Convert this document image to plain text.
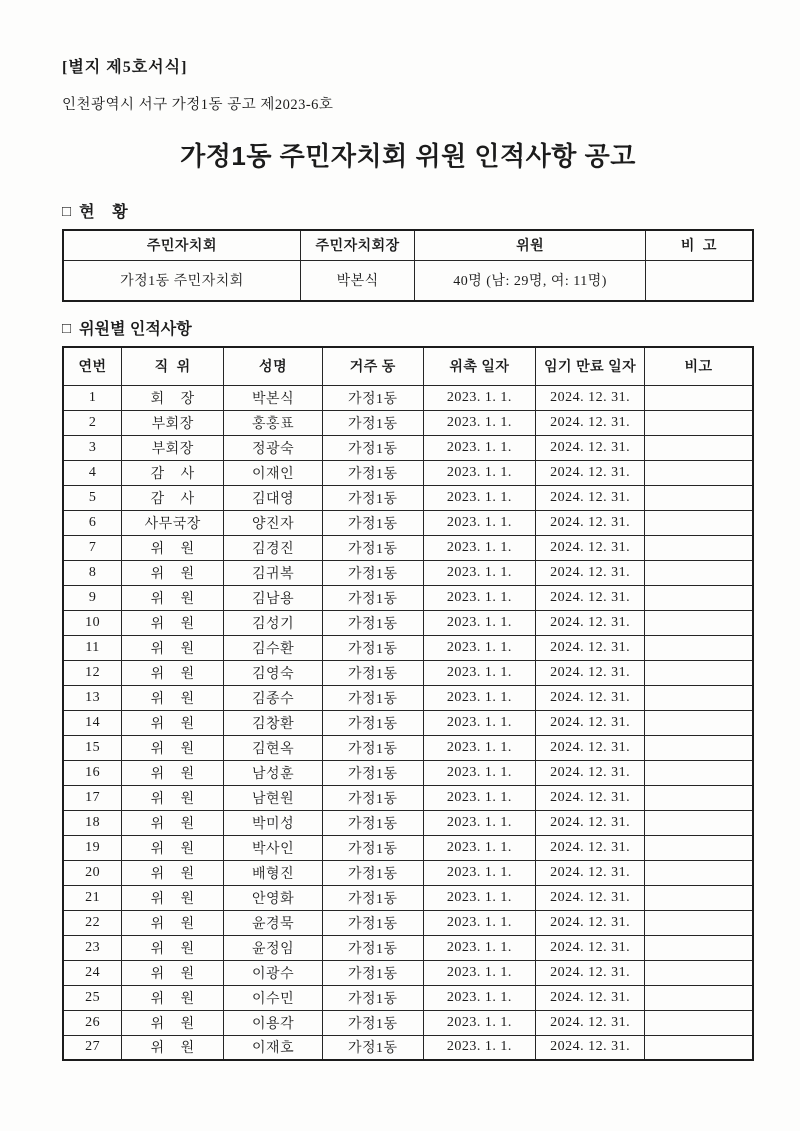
[별지 제5호서식]
인천광역시 서구 가정1동 공고 제2023-6호
가정1동 주민자치회 위원 인적사항 공고
□ 현    황
주민자치회	주민자치회장	위원	비  고
가정1동 주민자치회	박본식	40명 (남: 29명, 여: 11명)	
□ 위원별 인적사항
연번	직  위	성명	거주 동	위촉 일자	임기 만료 일자	비고
1	회    장	박본식	가정1동	2023. 1. 1.	2024. 12. 31.	
2	부회장	홍홍표	가정1동	2023. 1. 1.	2024. 12. 31.	
3	부회장	정광숙	가정1동	2023. 1. 1.	2024. 12. 31.	
4	감    사	이재인	가정1동	2023. 1. 1.	2024. 12. 31.	
5	감    사	김대영	가정1동	2023. 1. 1.	2024. 12. 31.	
6	사무국장	양진자	가정1동	2023. 1. 1.	2024. 12. 31.	
7	위    원	김경진	가정1동	2023. 1. 1.	2024. 12. 31.	
8	위    원	김귀복	가정1동	2023. 1. 1.	2024. 12. 31.	
9	위    원	김남용	가정1동	2023. 1. 1.	2024. 12. 31.	
10	위    원	김성기	가정1동	2023. 1. 1.	2024. 12. 31.	
11	위    원	김수환	가정1동	2023. 1. 1.	2024. 12. 31.	
12	위    원	김영숙	가정1동	2023. 1. 1.	2024. 12. 31.	
13	위    원	김종수	가정1동	2023. 1. 1.	2024. 12. 31.	
14	위    원	김창환	가정1동	2023. 1. 1.	2024. 12. 31.	
15	위    원	김현옥	가정1동	2023. 1. 1.	2024. 12. 31.	
16	위    원	남성훈	가정1동	2023. 1. 1.	2024. 12. 31.	
17	위    원	남현원	가정1동	2023. 1. 1.	2024. 12. 31.	
18	위    원	박미성	가정1동	2023. 1. 1.	2024. 12. 31.	
19	위    원	박사인	가정1동	2023. 1. 1.	2024. 12. 31.	
20	위    원	배형진	가정1동	2023. 1. 1.	2024. 12. 31.	
21	위    원	안영화	가정1동	2023. 1. 1.	2024. 12. 31.	
22	위    원	윤경묵	가정1동	2023. 1. 1.	2024. 12. 31.	
23	위    원	윤정임	가정1동	2023. 1. 1.	2024. 12. 31.	
24	위    원	이광수	가정1동	2023. 1. 1.	2024. 12. 31.	
25	위    원	이수민	가정1동	2023. 1. 1.	2024. 12. 31.	
26	위    원	이용각	가정1동	2023. 1. 1.	2024. 12. 31.	
27	위    원	이재호	가정1동	2023. 1. 1.	2024. 12. 31.	
